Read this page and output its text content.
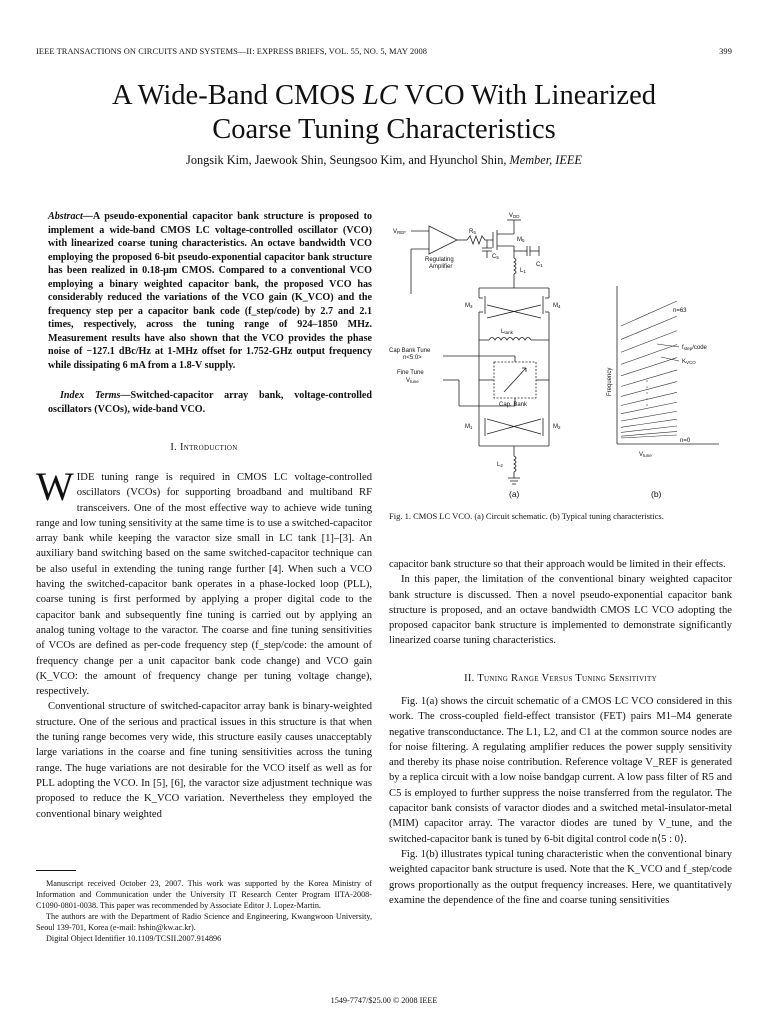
IEEE TRANSACTIONS ON CIRCUITS AND SYSTEMS—II: EXPRESS BRIEFS, VOL. 55, NO. 5, MAY 2008	399
A Wide-Band CMOS LC VCO With Linearized
Coarse Tuning Characteristics
Jongsik Kim, Jaewook Shin, Seungsoo Kim, and Hyunchol Shin, Member, IEEE
Abstract—A pseudo-exponential capacitor bank structure is proposed to implement a wide-band CMOS LC voltage-controlled oscillator (VCO) with linearized coarse tuning characteristics. An octave bandwidth VCO employing the proposed 6-bit pseudo-exponential capacitor bank structure has been realized in 0.18-μm CMOS. Compared to a conventional VCO employing a binary weighted capacitor bank, the proposed VCO has considerably reduced the variations of the VCO gain (K_VCO) and the frequency step per a capacitor bank code (f_step/code) by 2.7 and 2.1 times, respectively, across the tuning range of 924–1850 MHz. Measurement results have also shown that the VCO provides the phase noise of −127.1 dBc/Hz at 1-MHz offset for 1.752-GHz output frequency while dissipating 6 mA from a 1.8-V supply.
Index Terms—Switched-capacitor array bank, voltage-controlled oscillators (VCOs), wide-band VCO.
I. Introduction

WIDE tuning range is required in CMOS LC voltage-controlled oscillators (VCOs) for supporting broadband and multiband RF transceivers. One of the most effective way to achieve wide tuning range and low tuning sensitivity at the same time is to use a switched-capacitor array bank while keeping the varactor size small in LC tank [1]–[3]. An auxiliary band switching based on the same switched-capacitor technique can be also useful in extending the tuning range further [4]. When such a VCO having the switched-capacitor bank operates in a phase-locked loop (PLL), coarse tuning is first performed by applying a proper digital code to the capacitor bank and subsequently fine tuning is carried out by applying an analog tuning voltage to the varactor. The coarse and fine tuning sensitivities of VCOs are defined as per-code frequency step (f_step/code: the amount of frequency change per a unit capacitor bank code change) and VCO gain (K_VCO: the amount of frequency change per tuning voltage change), respectively.

Conventional structure of switched-capacitor array bank is binary-weighted structure. One of the serious and practical issues in this structure is that when the tuning range becomes very wide, this structure easily causes unacceptably large variations in the coarse and fine tuning sensitivities across the tuning range. The huge variations are not desirable for the VCO itself as well as for PLL adopting the VCO. In [5], [6], the varactor size adjustment technique was proposed to reduce the K_VCO variation. Nevertheless they employed the conventional binary weighted

Manuscript received October 23, 2007. This work was supported by the Korea Ministry of Information and Communication under the University IT Research Center Program IITA-2008-C1090-0801-0038. This paper was recommended by Associate Editor J. Lopez-Martin.

The authors are with the Department of Radio Science and Engineering, Kwangwoon University, Seoul 139-701, Korea (e-mail: hshin@kw.ac.kr).

Digital Object Identifier 10.1109/TCSII.2007.914896

VDD
VREF	R5
M5
C5
L1
C1
Regulating
Amplifier
M3	M4
Ltank
Cap Bank Tune
n<5:0>
Fine Tune
Vtune
Cap. Bank
M1	M2
L2
Frequency
Vtune
n=63
n=0
fstep/code
KVCO
(a)	(b)
Fig. 1. CMOS LC VCO. (a) Circuit schematic. (b) Typical tuning characteristics.

capacitor bank structure so that their approach would be limited in their effects.

In this paper, the limitation of the conventional binary weighted capacitor bank structure is discussed. Then a novel pseudo-exponential capacitor bank structure is proposed, and an octave bandwidth CMOS LC VCO adopting the proposed capacitor bank structure is implemented to demonstrate significantly linearized coarse tuning characteristics.

II. Tuning Range Versus Tuning Sensitivity

Fig. 1(a) shows the circuit schematic of a CMOS LC VCO considered in this work. The cross-coupled field-effect transistor (FET) pairs M1–M4 generate negative transconductance. The L1, L2, and C1 at the common source nodes are for noise filtering. A regulating amplifier reduces the power supply sensitivity and thereby its phase noise contribution. Reference voltage V_REF is generated by a replica circuit with a low noise bandgap current. A low pass filter of R5 and C5 is employed to further suppress the noise transferred from the regulator. The capacitor bank consists of varactor diodes and a switched metal-insulator-metal (MIM) capacitor array. The varactor diodes are tuned by V_tune, and the switched-capacitor bank is tuned by 6-bit digital control code n⟨5 : 0⟩.

Fig. 1(b) illustrates typical tuning characteristic when the conventional binary weighted capacitor bank structure is used. Note that the K_VCO and f_step/code grows proportionally as the output frequency increases. Here, we quantitatively examine the dependence of the fine and coarse tuning sensitivities

1549-7747/$25.00 © 2008 IEEE
